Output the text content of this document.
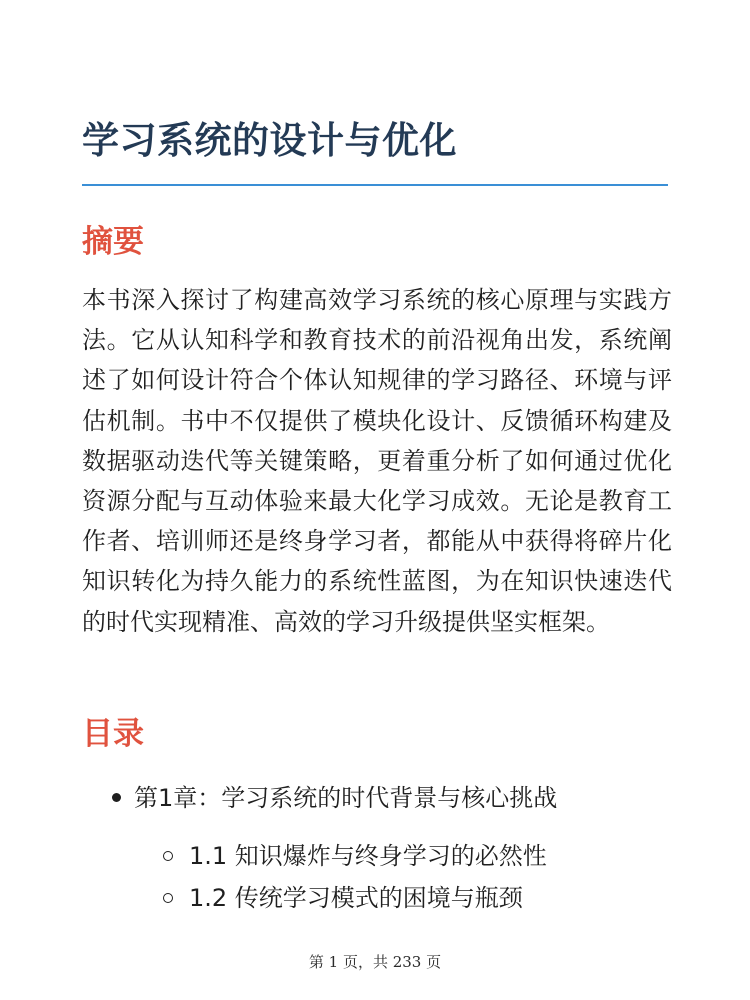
学习系统的设计与优化
摘要

本书深入探讨了构建高效学习系统的核心原理与实践方法。它从认知科学和教育技术的前沿视角出发，系统阐述了如何设计符合个体认知规律的学习路径、环境与评估机制。书中不仅提供了模块化设计、反馈循环构建及数据驱动迭代等关键策略，更着重分析了如何通过优化资源分配与互动体验来最大化学习成效。无论是教育工作者、培训师还是终身学习者，都能从中获得将碎片化知识转化为持久能力的系统性蓝图，为在知识快速迭代的时代实现精准、高效的学习升级提供坚实框架。

目录
第1章：学习系统的时代背景与核心挑战
1.1 知识爆炸与终身学习的必然性
1.2 传统学习模式的困境与瓶颈
第 1 页，共 233 页
